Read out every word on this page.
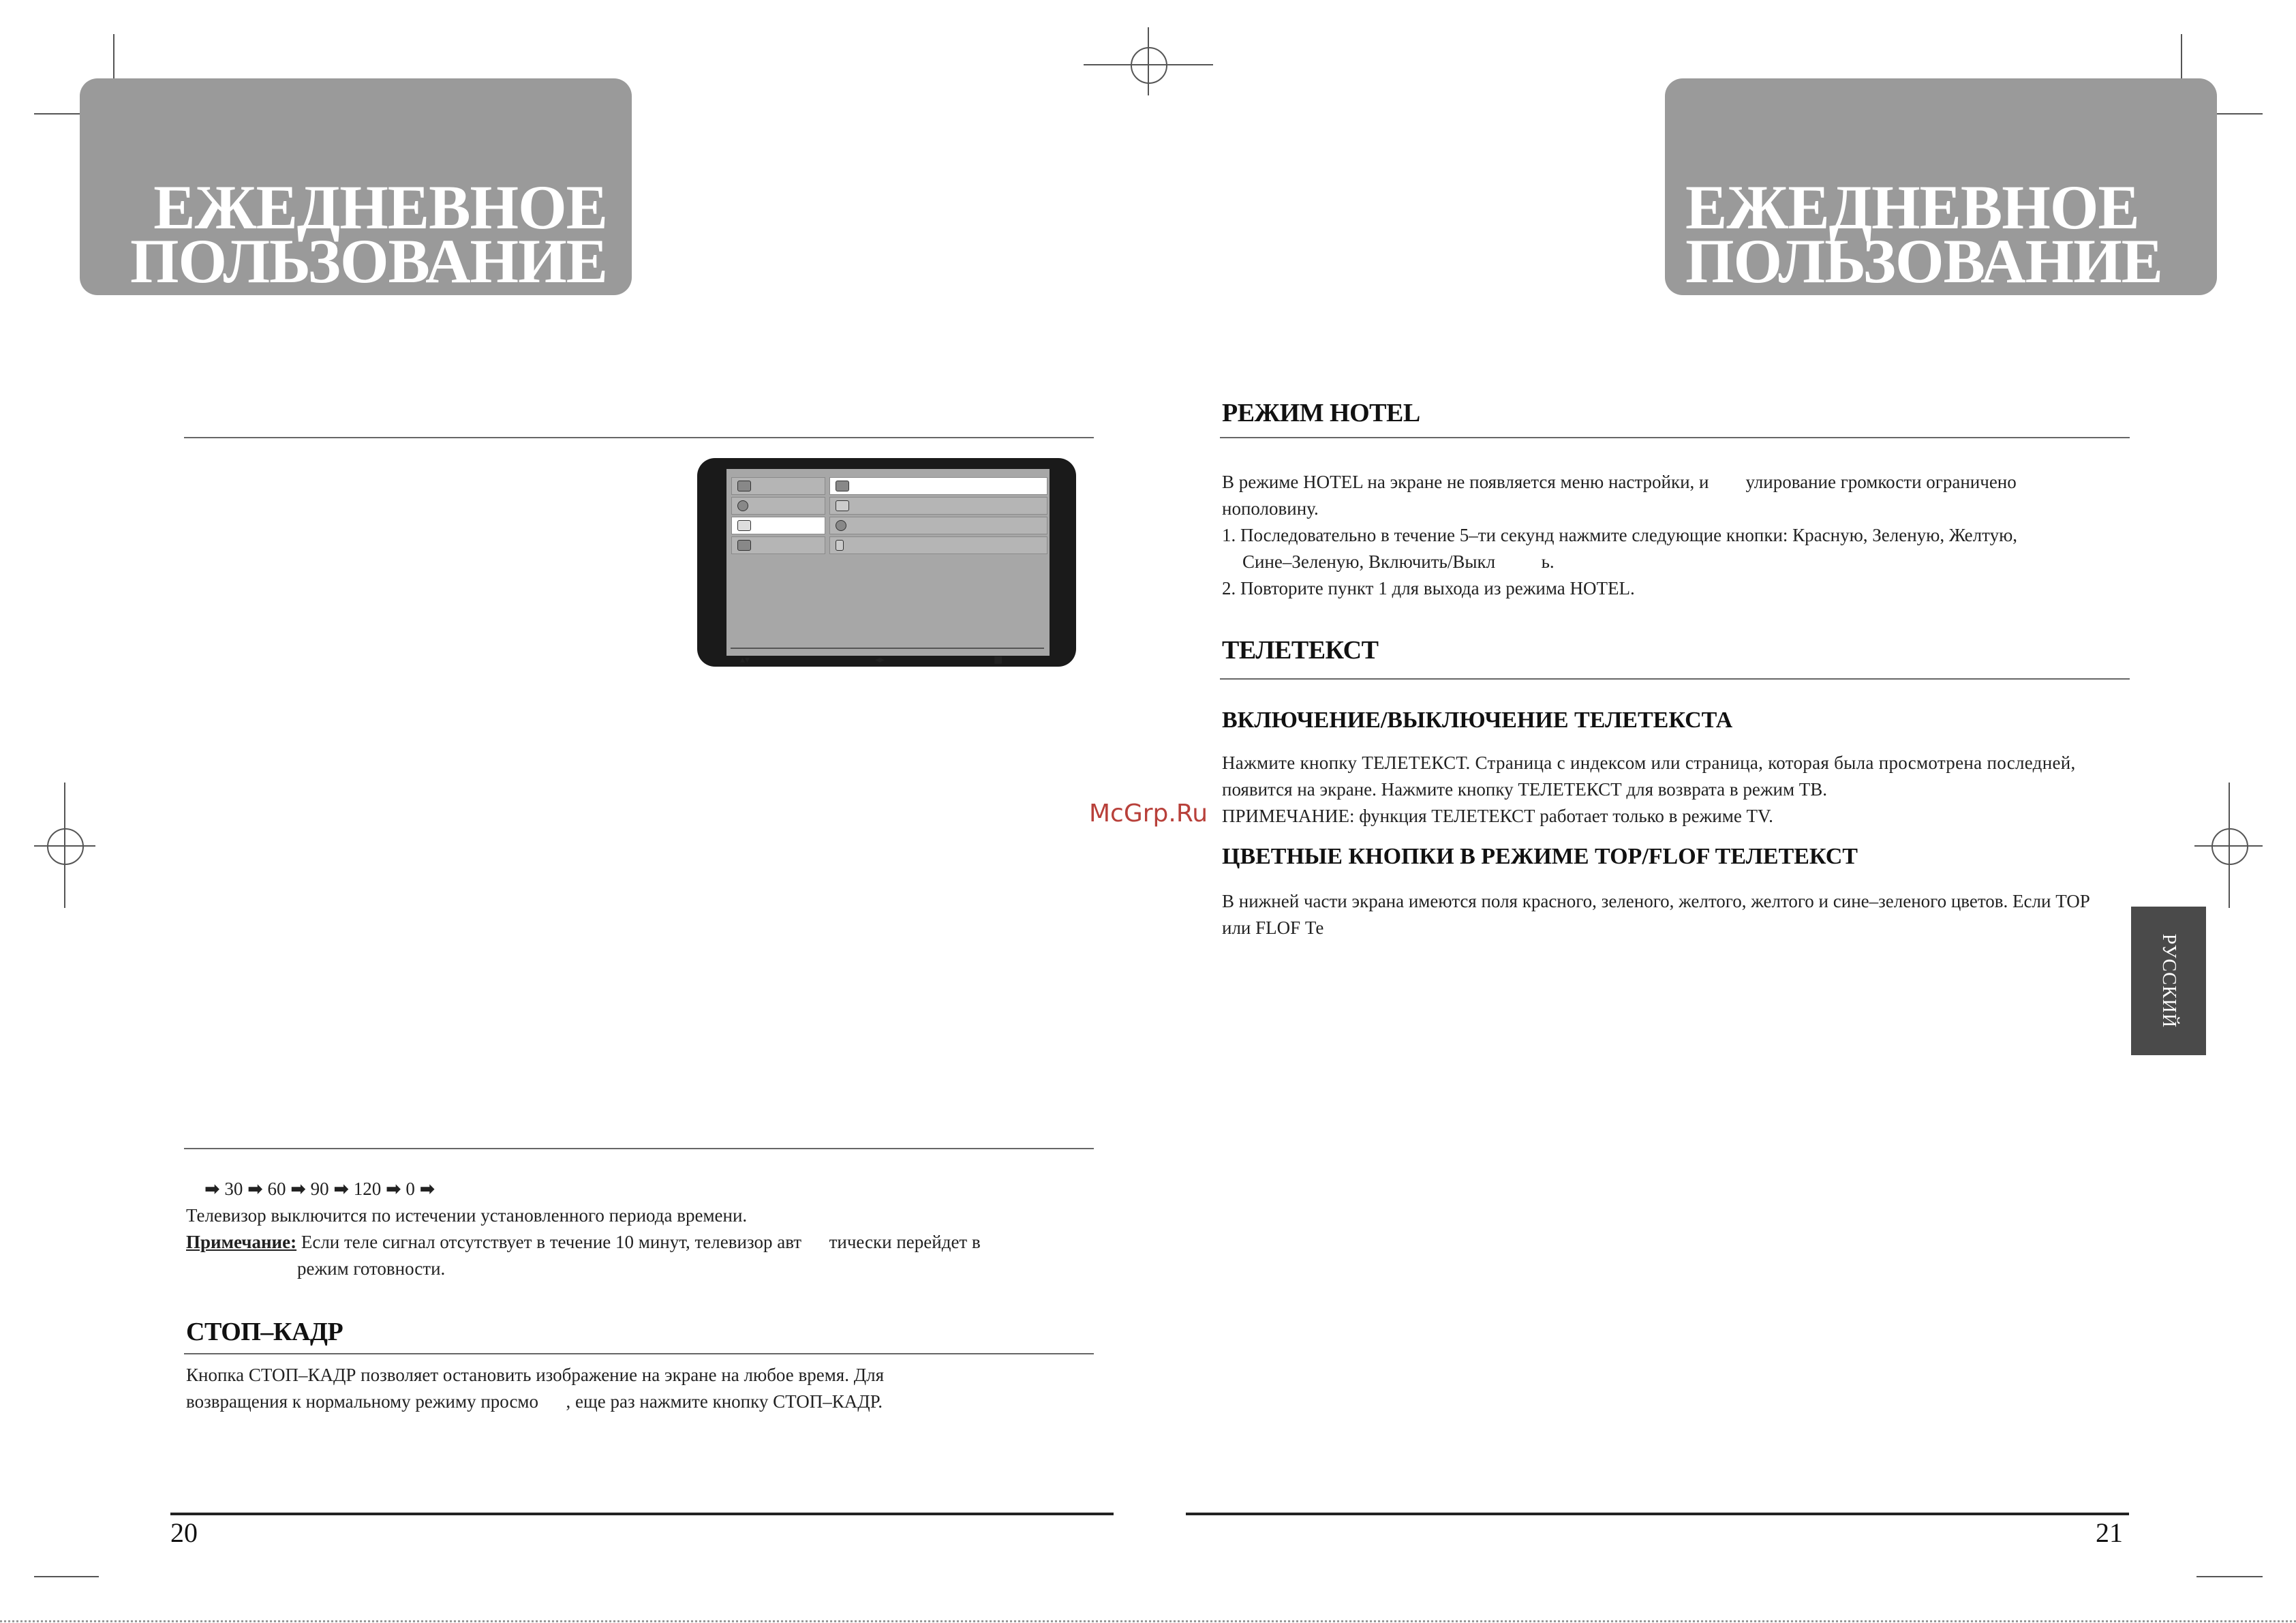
ЕЖЕДНЕВНОЕ
ПОЛЬЗОВАНИЕ
ЕЖЕДНЕВНОЕ
ПОЛЬЗОВАНИЕ
▴▾	◂▸	■
➡ 30 ➡ 60 ➡ 90 ➡ 120 ➡ 0 ➡
Телевизор выключится по истечении установленного периода времени.
Примечание: Если теле сигнал отсутствует в течение 10 минут, телевизор авт      тически перейдет в
режим готовности.
СТОП–КАДР
Кнопка СТОП–КАДР позволяет остановить изображение на экране на любое время. Для
возвращения к нормальному режиму просмо      , еще раз нажмите кнопку СТОП–КАДР.
20
McGrp.Ru
РЕЖИМ HOTEL
В режиме HOTEL на экране не появляется меню настройки, и        улирование громкости ограничено
нополовину.
1. Последовательно в течение 5–ти секунд нажмите следующие кнопки: Красную, Зеленую, Желтую,
Сине–Зеленую, Включить/Выкл          ь.
2. Повторите пункт 1 для выхода из режима HOTEL.
ТЕЛЕТЕКСТ
ВКЛЮЧЕНИЕ/ВЫКЛЮЧЕНИЕ ТЕЛЕТЕКСТА
Нажмите кнопку ТЕЛЕТЕКСТ. Страница с индексом или страница, которая была просмотрена последней,
появится на экране. Нажмите кнопку ТЕЛЕТЕКСТ для возврата в режим ТВ.
ПРИМЕЧАНИЕ: функция ТЕЛЕТЕКСТ работает только в режиме TV.
ЦВЕТНЫЕ КНОПКИ В РЕЖИМЕ TOP/FLOF ТЕЛЕТЕКСТ
В нижней части экрана имеются поля красного, зеленого, желтого, желтого и сине–зеленого цветов. Если TOP
или FLOF Те
РУССКИЙ
21
